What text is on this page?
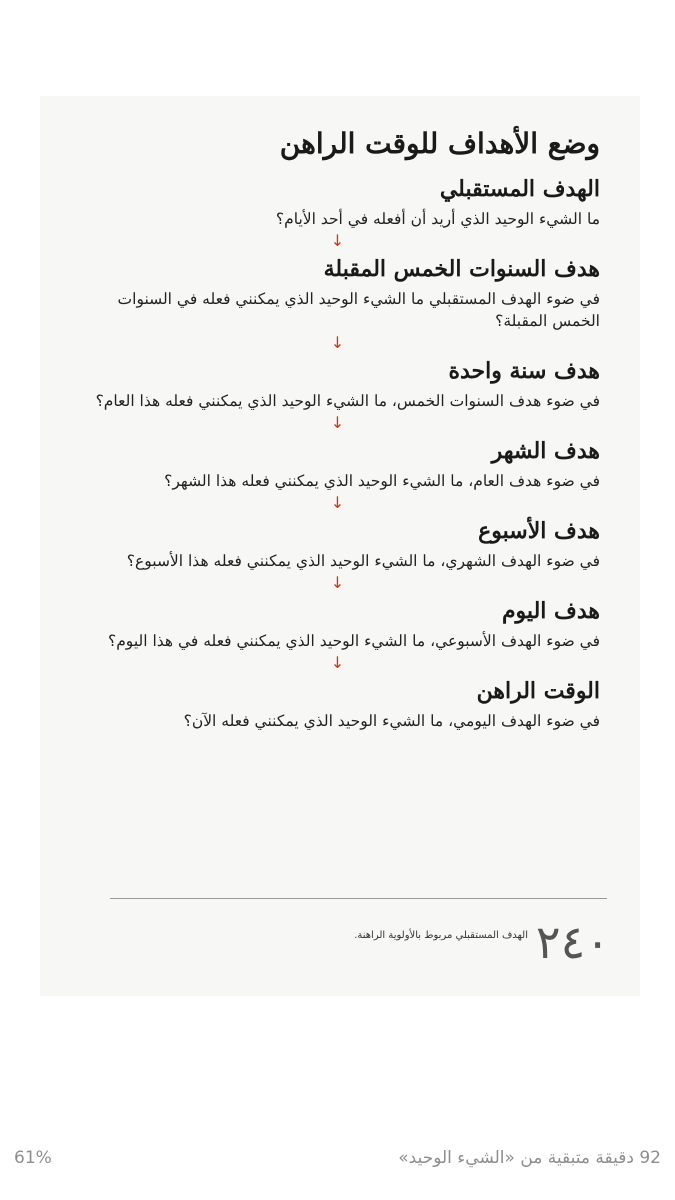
وضع الأهداف للوقت الراهن
الهدف المستقبلي

ما الشيء الوحيد الذي أريد أن أفعله في أحد الأيام؟

↓
هدف السنوات الخمس المقبلة

في ضوء الهدف المستقبلي ما الشيء الوحيد الذي يمكنني فعله في السنوات الخمس المقبلة؟

↓
هدف سنة واحدة

في ضوء هدف السنوات الخمس، ما الشيء الوحيد الذي يمكنني فعله هذا العام؟

↓
هدف الشهر

في ضوء هدف العام، ما الشيء الوحيد الذي يمكنني فعله هذا الشهر؟

↓
هدف الأسبوع

في ضوء الهدف الشهري، ما الشيء الوحيد الذي يمكنني فعله هذا الأسبوع؟

↓
هدف اليوم

في ضوء الهدف الأسبوعي، ما الشيء الوحيد الذي يمكنني فعله في هذا اليوم؟

↓
الوقت الراهن

في ضوء الهدف اليومي، ما الشيء الوحيد الذي يمكنني فعله الآن؟

٢٤٠
الهدف المستقبلي مربوط بالأولوية الراهنة.
61%	92 دقيقة متبقية من «الشيء الوحيد»
